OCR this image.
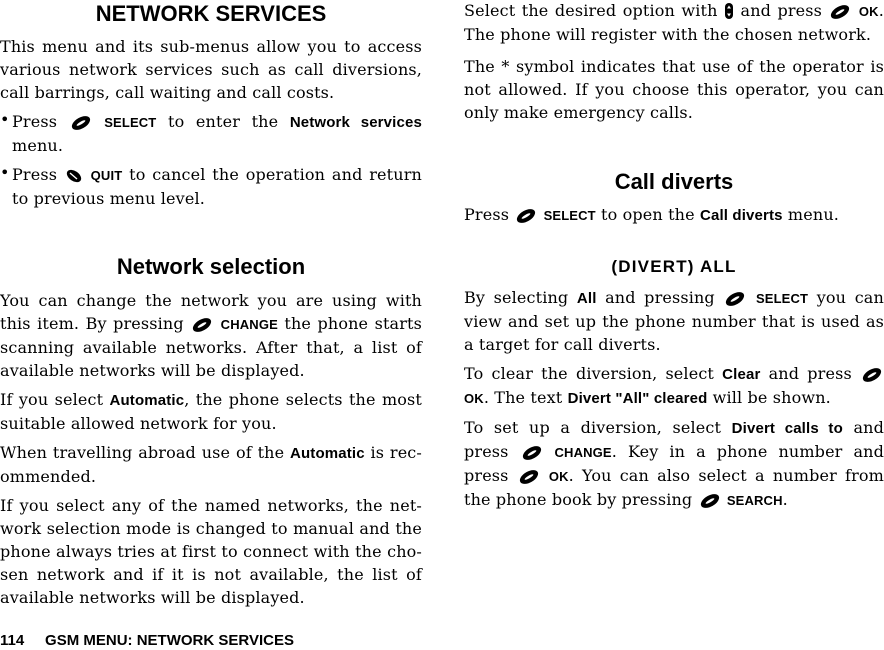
NETWORK SERVICES

This menu and its sub-menus allow you to access various network services such as call diversions, call barrings, call waiting and call costs.

• Press	SELECT to enter the Network services menu.

• Press	QUIT to cancel the operation and return to previous menu level.

Network selection

You can change the network you are using with this item. By pressing	CHANGE the phone starts scanning available networks. After that, a list of available networks will be displayed.

If you select Automatic, the phone selects the most suitable allowed network for you.

When travelling abroad use of the Automatic is rec-ommended.

If you select any of the named networks, the net-work selection mode is changed to manual and the phone always tries at first to connect with the cho-sen network and if it is not available, the list of available networks will be displayed.

Select the desired option with and press	OK. The phone will register with the chosen network.

The * symbol indicates that use of the operator is not allowed. If you choose this operator, you can only make emergency calls.

Call diverts

Press	SELECT to open the Call diverts menu.

(DIVERT) ALL

By selecting All and pressing	SELECT you can view and set up the phone number that is used as a target for call diverts.

To clear the diversion, select Clear and press  OK. The text Divert "All" cleared will be shown.

To set up a diversion, select Divert calls to and press	CHANGE. Key in a phone number and press	OK. You can also select a number from the phone book by pressing	SEARCH.

114 GSM MENU: NETWORK SERVICES
